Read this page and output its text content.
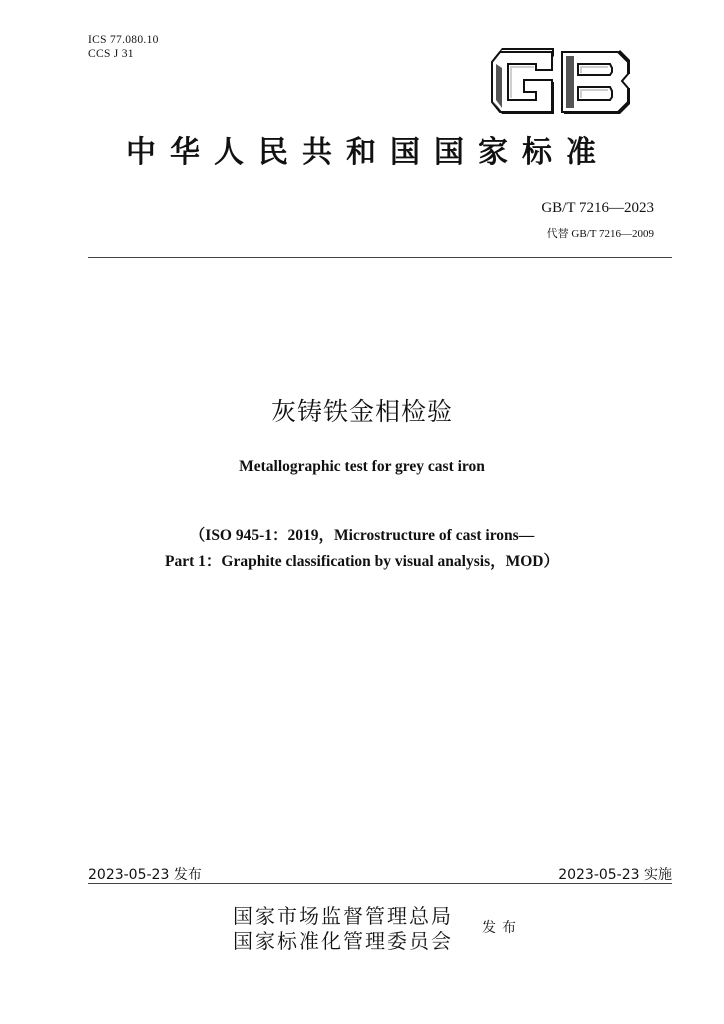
ICS 77.080.10
CCS J 31
中华人民共和国国家标准
GB/T 7216—2023
代替 GB/T 7216—2009
灰铸铁金相检验
Metallographic test for grey cast iron
（ISO 945-1：2019，Microstructure of cast irons—
Part 1：Graphite classification by visual analysis，MOD）
2023-05-23 发布	2023-05-23 实施
国家市场监督管理总局
国家标准化管理委员会
发布
